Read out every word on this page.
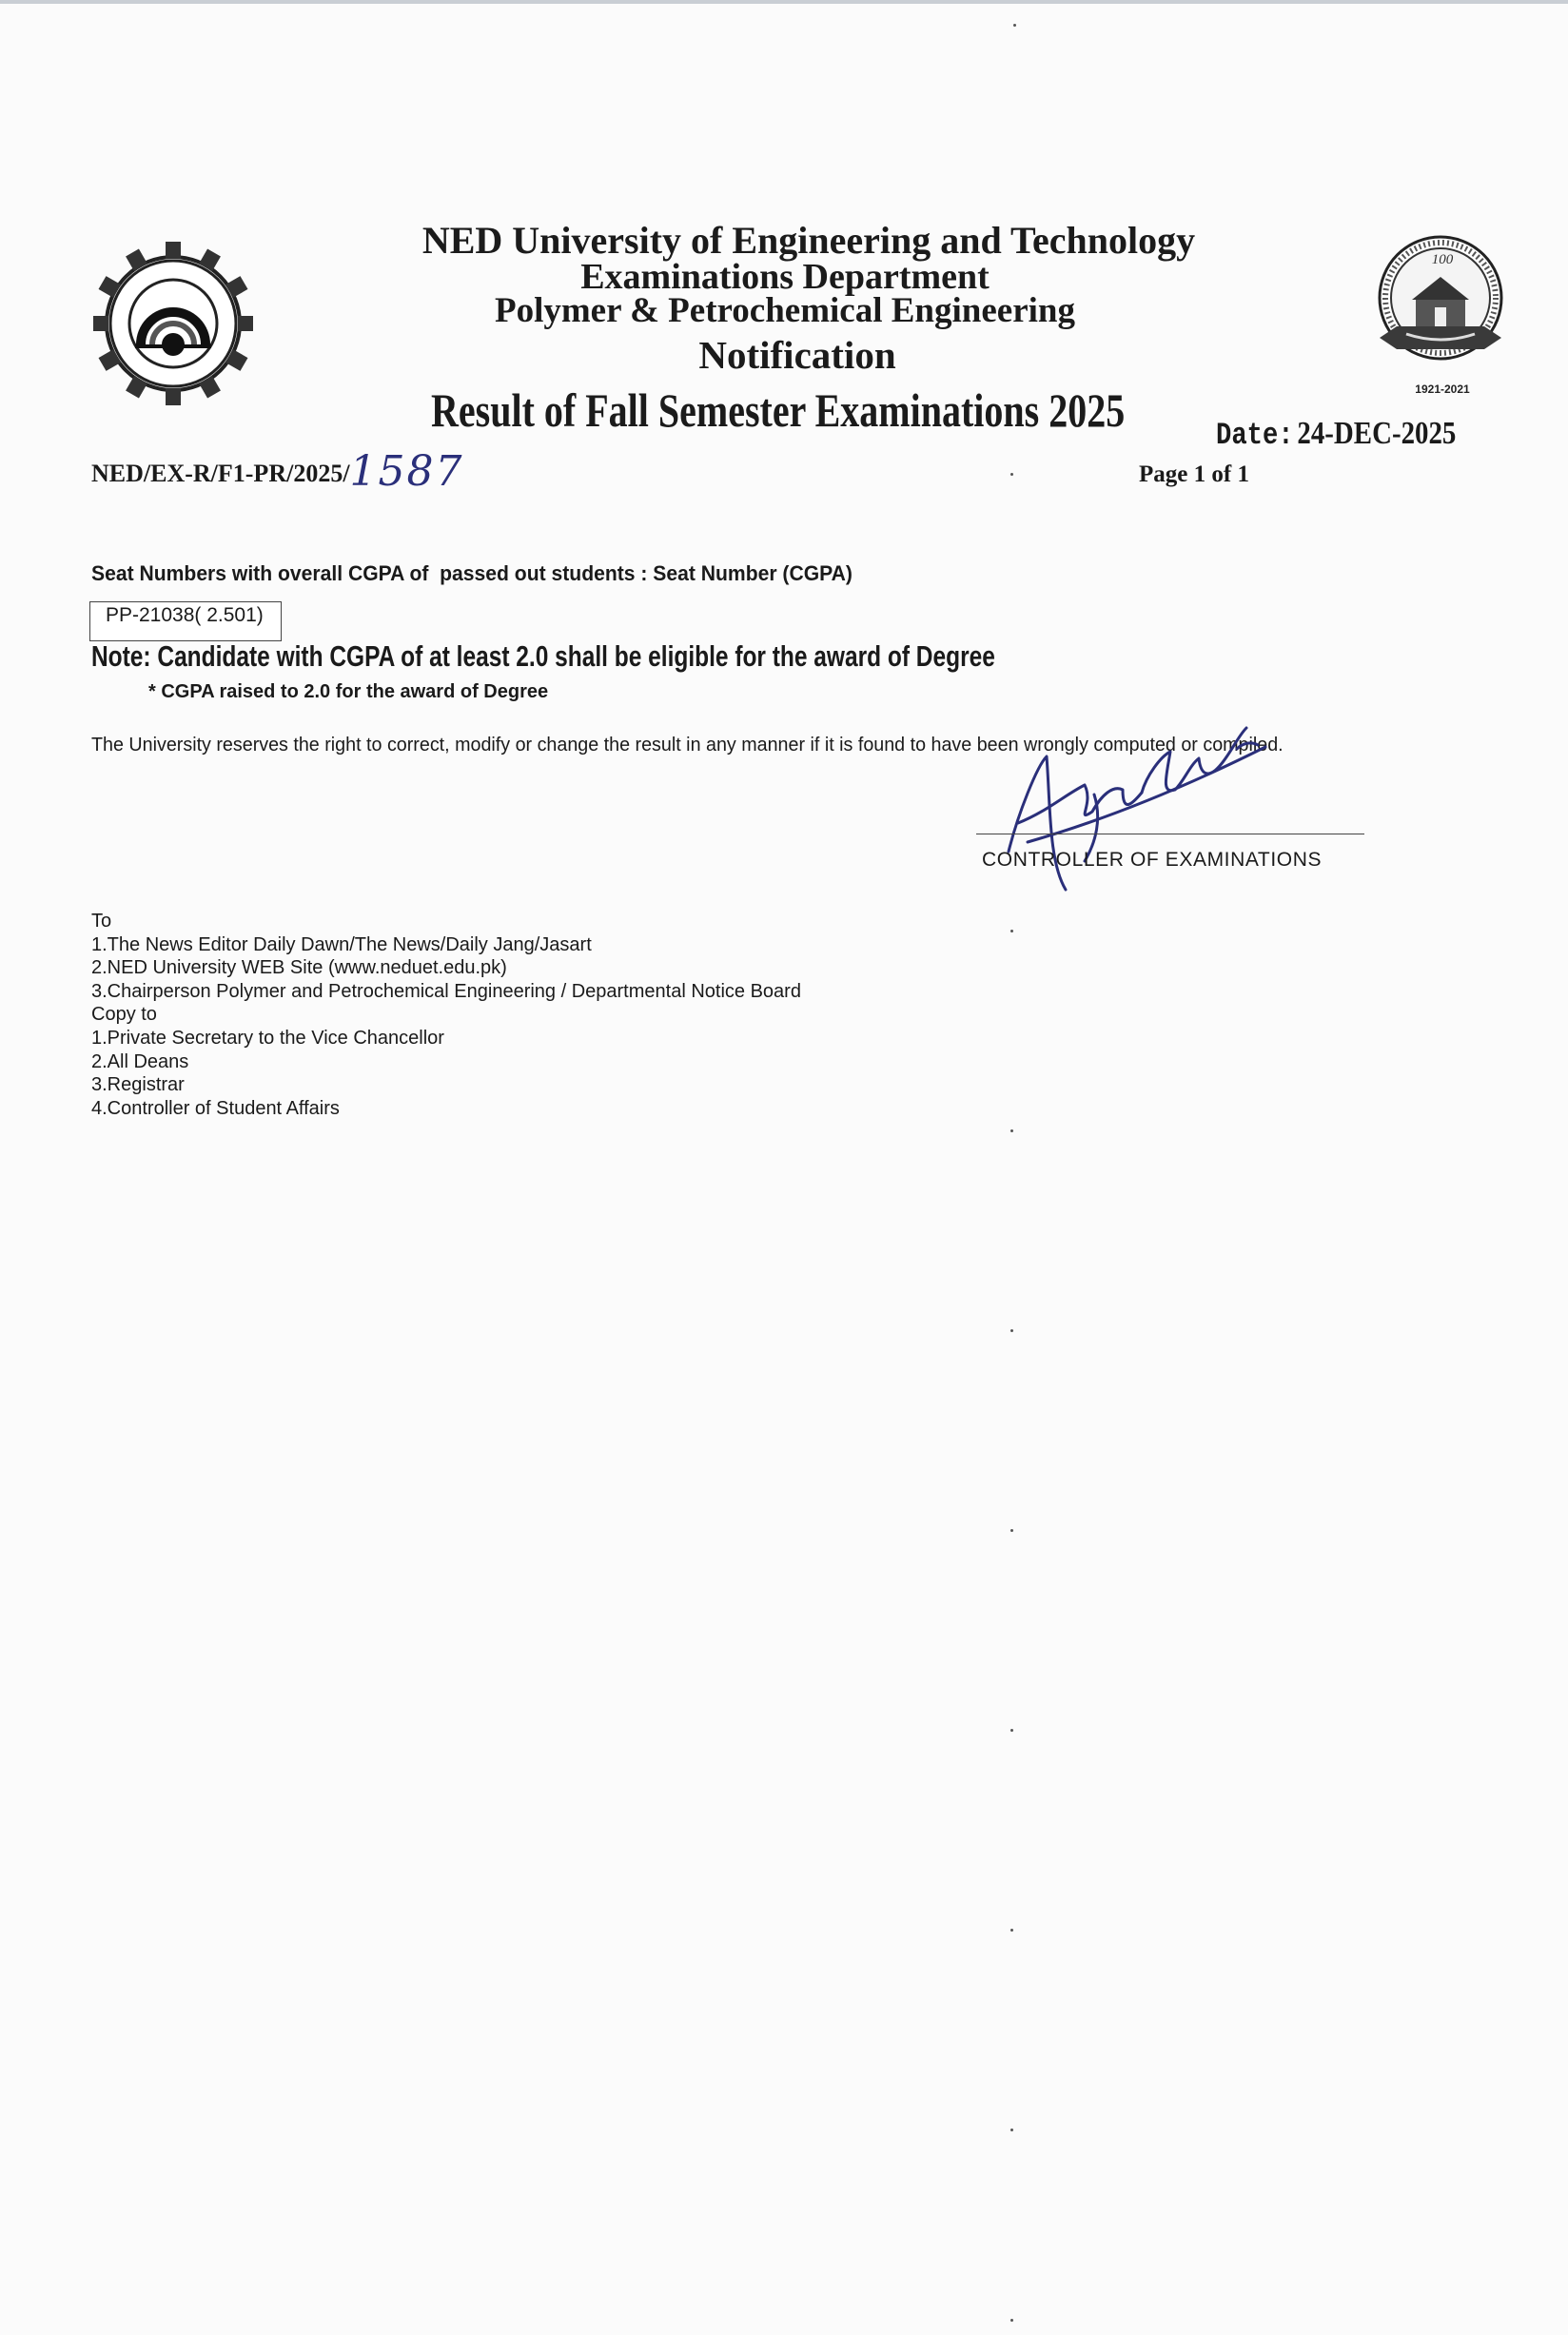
100
1921-2021
NED University of Engineering and Technology
Examinations Department
Polymer & Petrochemical Engineering
Notification
Result of Fall Semester Examinations 2025	Date: 24-DEC-2025
NED/EX-R/F1-PR/2025/1587	Page 1 of 1
Seat Numbers with overall CGPA of  passed out students : Seat Number (CGPA)
PP-21038( 2.501)
Note: Candidate with CGPA of at least 2.0 shall be eligible for the award of Degree
* CGPA raised to 2.0 for the award of Degree
The University reserves the right to correct, modify or change the result in any manner if it is found to have been wrongly computed or compiled.
CONTROLLER OF EXAMINATIONS
To
1.The News Editor Daily Dawn/The News/Daily Jang/Jasart
2.NED University WEB Site (www.neduet.edu.pk)
3.Chairperson Polymer and Petrochemical Engineering / Departmental Notice Board
Copy to
1.Private Secretary to the Vice Chancellor
2.All Deans
3.Registrar
4.Controller of Student Affairs
